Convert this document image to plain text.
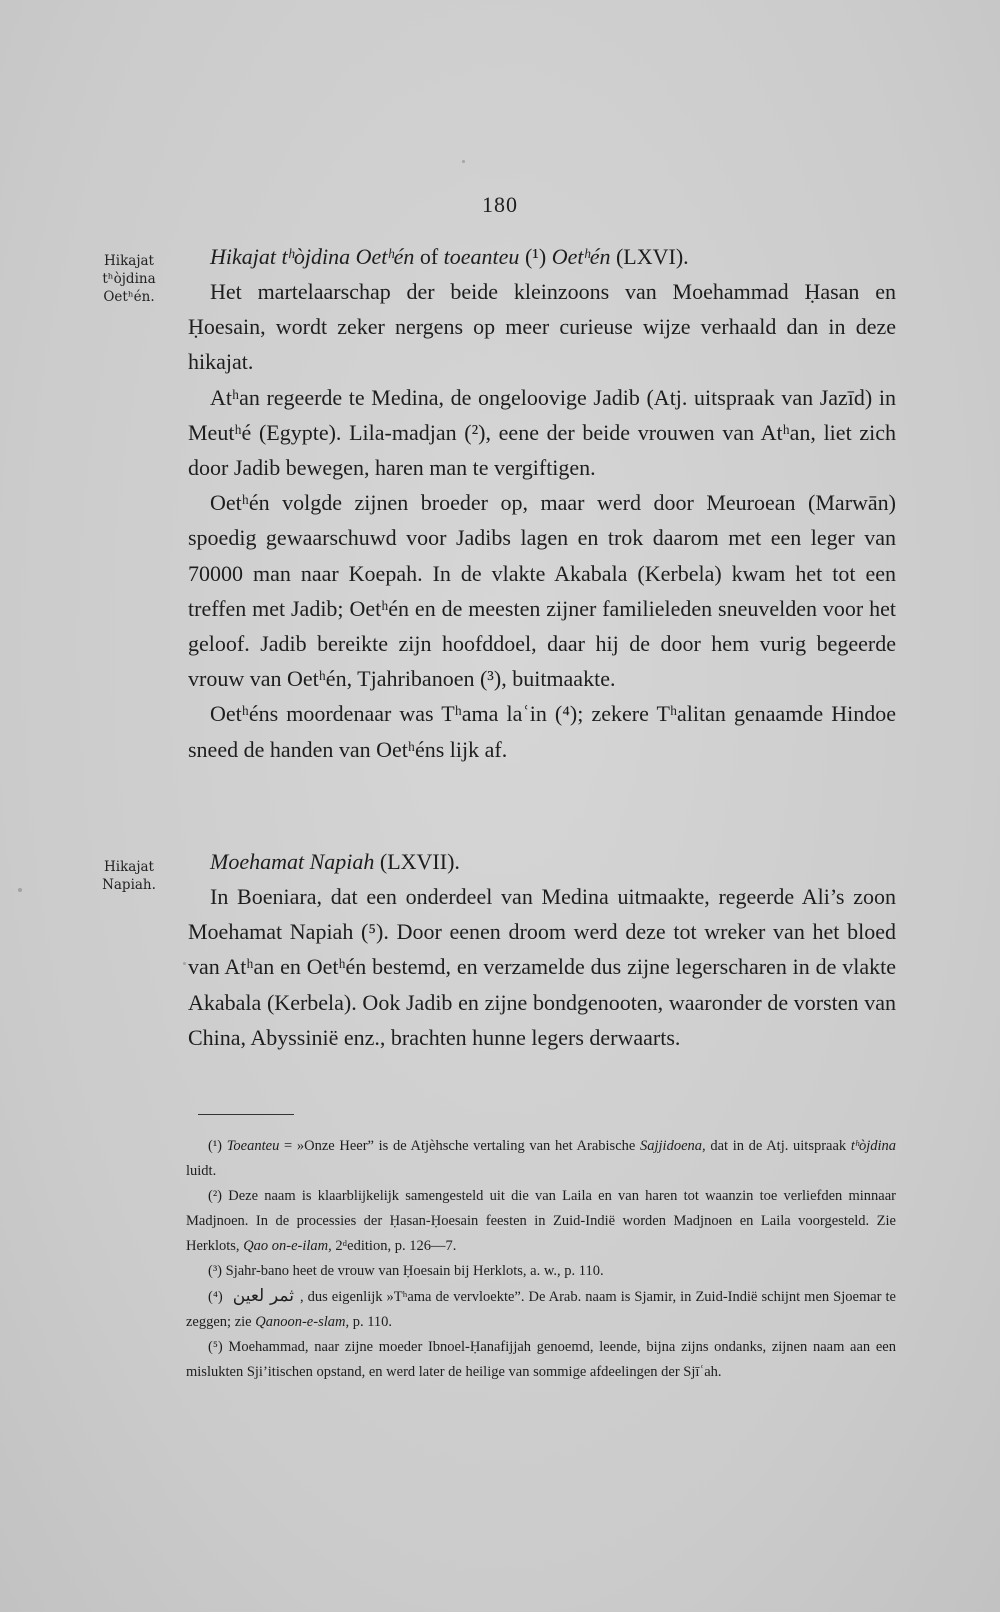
180
Hikajat
tʰòjdina
Oetʰén.
Hikajat
Napiah.
Hikajat tʰòjdina Oetʰén of toeanteu (¹) Oetʰén (LXVI).

Het martelaarschap der beide kleinzoons van Moehammad Ḥasan en Ḥoesain, wordt zeker nergens op meer curieuse wijze verhaald dan in deze hikajat.

Atʰan regeerde te Medina, de ongeloovige Jadib (Atj. uitspraak van Jazīd) in Meutʰé (Egypte). Lila-madjan (²), eene der beide vrouwen van Atʰan, liet zich door Jadib bewegen, haren man te vergiftigen.

Oetʰén volgde zijnen broeder op, maar werd door Meuroean (Marwān) spoedig gewaarschuwd voor Jadibs lagen en trok daarom met een leger van 70000 man naar Koepah. In de vlakte Akabala (Kerbela) kwam het tot een treffen met Jadib; Oetʰén en de meesten zijner familieleden sneuvelden voor het geloof. Jadib bereikte zijn hoofddoel, daar hij de door hem vurig begeerde vrouw van Oetʰén, Tjahribanoen (³), buitmaakte.

Oetʰéns moordenaar was Tʰama laʿin (⁴); zekere Tʰalitan genaamde Hindoe sneed de handen van Oetʰéns lijk af.

Moehamat Napiah (LXVII).

In Boeniara, dat een onderdeel van Medina uitmaakte, regeerde Ali’s zoon Moehamat Napiah (⁵). Door eenen droom werd deze tot wreker van het bloed van Atʰan en Oetʰén bestemd, en verzamelde dus zijne legerscharen in de vlakte Akabala (Kerbela). Ook Jadib en zijne bondgenooten, waaronder de vorsten van China, Abyssinië enz., brachten hunne legers derwaarts.

(¹) Toeanteu = »Onze Heer” is de Atjèhsche vertaling van het Arabische Sajjidoena, dat in de Atj. uitspraak tʰòjdina luidt.

(²) Deze naam is klaarblijkelijk samengesteld uit die van Laila en van haren tot waanzin toe verliefden minnaar Madjnoen. In de processies der Ḥasan-Ḥoesain feesten in Zuid-Indië worden Madjnoen en Laila voorgesteld. Zie Herklots, Qao on-e-ilam, 2ᵈedition, p. 126—7.

(³) Sjahr-bano heet de vrouw van Ḥoesain bij Herklots, a. w., p. 110.

(⁴) ثمر لعين , dus eigenlijk »Tʰama de vervloekte”. De Arab. naam is Sjamir, in Zuid-Indië schijnt men Sjoemar te zeggen; zie Qanoon-e-slam, p. 110.

(⁵) Moehammad, naar zijne moeder Ibnoel-Ḥanafijjah genoemd, leende, bijna zijns ondanks, zijnen naam aan een mislukten Sji’itischen opstand, en werd later de heilige van sommige afdeelingen der Sjīʿah.
